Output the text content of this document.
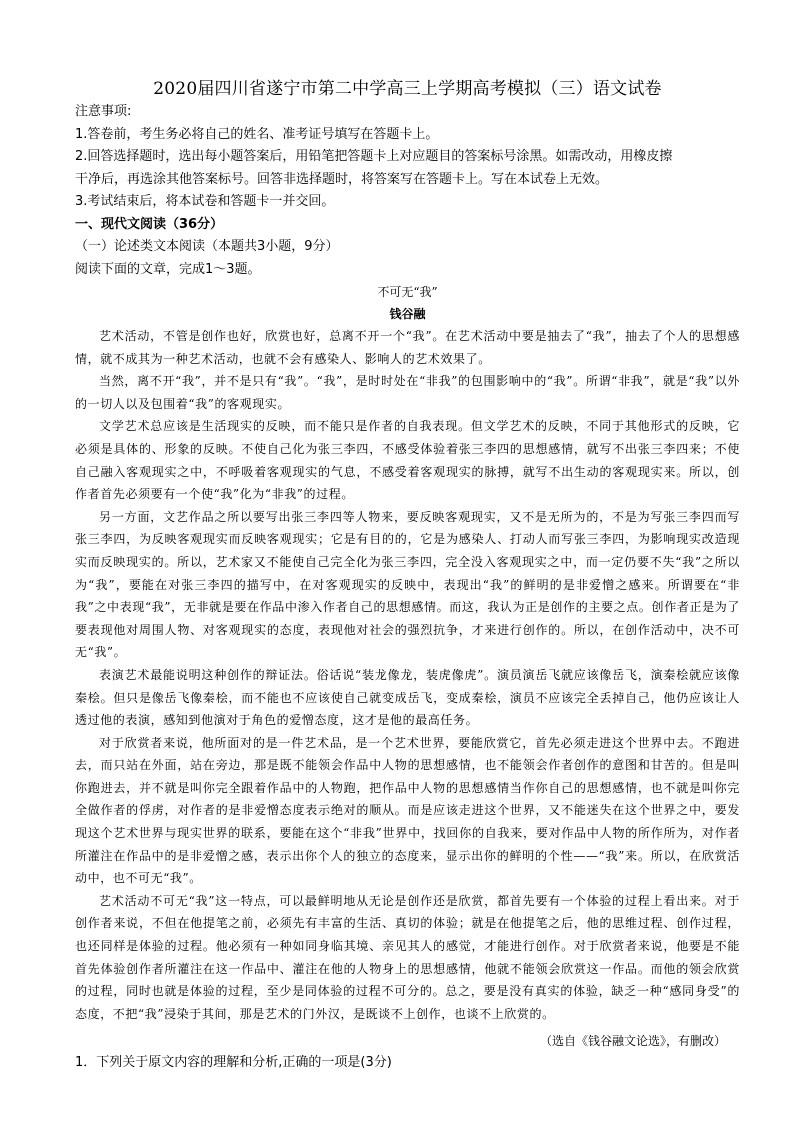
2020届四川省遂宁市第二中学高三上学期高考模拟（三）语文试卷
注意事项:
1.答卷前，考生务必将自己的姓名、准考证号填写在答题卡上。
2.回答选择题时，选出每小题答案后，用铅笔把答题卡上对应题目的答案标号涂黑。如需改动，用橡皮擦
干净后，再选涂其他答案标号。回答非选择题时，将答案写在答题卡上。写在本试卷上无效。
3.考试结束后，将本试卷和答题卡一并交回。
一、现代文阅读（36分）
（一）论述类文本阅读（本题共3小题，9分）
阅读下面的文章，完成1～3题。
不可无“我”
钱谷融

艺术活动，不管是创作也好，欣赏也好，总离不开一个“我”。在艺术活动中要是抽去了“我”，抽去了个人的思想感情，就不成其为一种艺术活动，也就不会有感染人、影响人的艺术效果了。

当然，离不开“我”，并不是只有“我”。“我”，是时时处在“非我”的包围影响中的“我”。所谓“非我”，就是“我”以外的一切人以及包围着“我”的客观现实。

文学艺术总应该是生活现实的反映，而不能只是作者的自我表现。但文学艺术的反映，不同于其他形式的反映，它必须是具体的、形象的反映。不使自己化为张三李四，不感受体验着张三李四的思想感情，就写不出张三李四来；不使自己融入客观现实之中，不呼吸着客观现实的气息，不感受着客观现实的脉搏，就写不出生动的客观现实来。所以，创作者首先必须要有一个使“我”化为“非我”的过程。

另一方面，文艺作品之所以要写出张三李四等人物来，要反映客观现实，又不是无所为的，不是为写张三李四而写张三李四，为反映客观现实而反映客观现实；它是有目的的，它是为感染人、打动人而写张三李四，为影响现实改造现实而反映现实的。所以，艺术家又不能使自己完全化为张三李四，完全没入客观现实之中，而一定仍要不失“我”之所以为“我”，要能在对张三李四的描写中，在对客观现实的反映中，表现出“我”的鲜明的是非爱憎之感来。所谓要在“非我”之中表现“我”，无非就是要在作品中渗入作者自己的思想感情。而这，我认为正是创作的主要之点。创作者正是为了要表现他对周围人物、对客观现实的态度，表现他对社会的强烈抗争，才来进行创作的。所以，在创作活动中，决不可无“我”。

表演艺术最能说明这种创作的辩证法。俗话说“装龙像龙，装虎像虎”。演员演岳飞就应该像岳飞，演秦桧就应该像秦桧。但只是像岳飞像秦桧，而不能也不应该使自己就变成岳飞，变成秦桧，演员不应该完全丢掉自己，他仍应该让人透过他的表演，感知到他演对于角色的爱憎态度，这才是他的最高任务。

对于欣赏者来说，他所面对的是一件艺术品，是一个艺术世界，要能欣赏它，首先必须走进这个世界中去。不跑进去，而只站在外面，站在旁边，那是既不能领会作品中人物的思想感情，也不能领会作者创作的意图和甘苦的。但是叫你跑进去，并不就是叫你完全跟着作品中的人物跑，把作品中人物的思想感情当作你自己的思想感情，也不就是叫你完全做作者的俘虏，对作者的是非爱憎态度表示绝对的顺从。而是应该走进这个世界，又不能迷失在这个世界之中，要发现这个艺术世界与现实世界的联系，要能在这个“非我”世界中，找回你的自我来，要对作品中人物的所作所为，对作者所灌注在作品中的是非爱憎之感，表示出你个人的独立的态度来，显示出你的鲜明的个性——“我”来。所以，在欣赏活动中，也不可无“我”。

艺术活动不可无“我”这一特点，可以最鲜明地从无论是创作还是欣赏，都首先要有一个体验的过程上看出来。对于创作者来说，不但在他提笔之前，必须先有丰富的生活、真切的体验；就是在他提笔之后，他的思维过程、创作过程，也还同样是体验的过程。他必须有一种如同身临其境、亲见其人的感觉，才能进行创作。对于欣赏者来说，他要是不能首先体验创作者所灌注在这一作品中、灌注在他的人物身上的思想感情，他就不能领会欣赏这一作品。而他的领会欣赏的过程，同时也就是体验的过程，至少是同体验的过程不可分的。总之，要是没有真实的体验，缺乏一种“感同身受”的态度，不把“我”浸染于其间，那是艺术的门外汉，是既谈不上创作，也谈不上欣赏的。

（选自《钱谷融文论选》，有删改）
1．下列关于原文内容的理解和分析,正确的一项是(3分)
